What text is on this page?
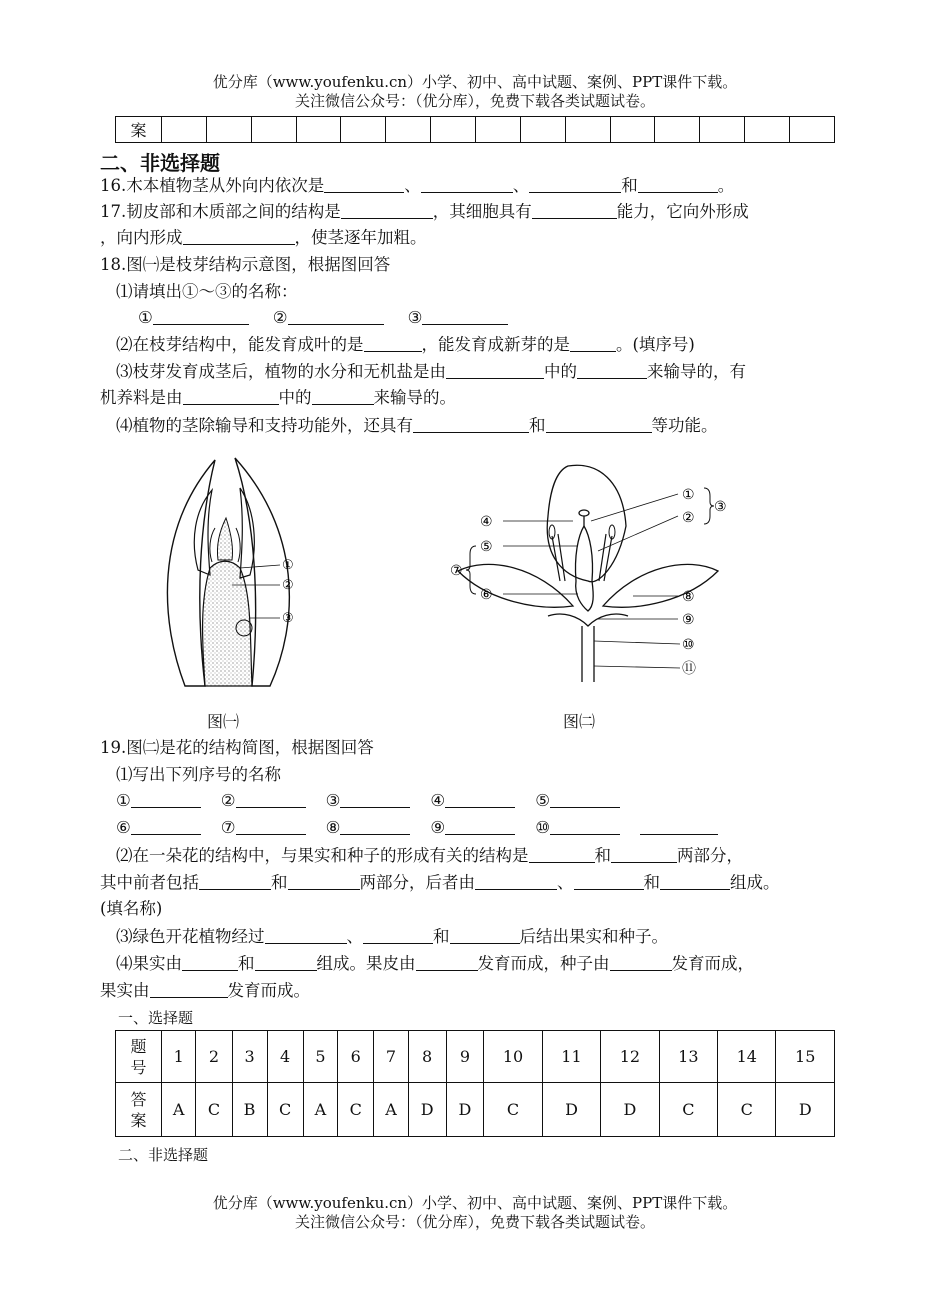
优分库（www.youfenku.cn）小学、初中、高中试题、案例、PPT课件下载。
关注微信公众号：（优分库），免费下载各类试题试卷。
案															
二、非选择题
16.木本植物茎从外向内依次是	、	、	和	。
17.韧皮部和木质部之间的结构是	，其细胞具有	能力，它向外形成
，向内形成	，使茎逐年加粗。
18.图㈠是枝芽结构示意图，根据图回答
⑴请填出①～③的名称：
①	②	③
⑵在枝芽结构中，能发育成叶的是	，能发育成新芽的是	。(填序号)
⑶枝芽发育成茎后，植物的水分和无机盐是由	中的	来输导的，有
机养料是由	中的	来输导的。
⑷植物的茎除输导和支持功能外，还具有	和	等功能。
①
②
③
图㈠
①
②
③
④
⑤
⑥
⑦
⑧
⑨
⑩
⑪
图㈡
19.图㈡是花的结构简图，根据图回答
⑴写出下列序号的名称
①	②	③	④	⑤
⑥	⑦	⑧	⑨	⑩
⑵在一朵花的结构中，与果实和种子的形成有关的结构是	和	两部分，
其中前者包括	和	两部分，后者由	、	和	组成。
(填名称)
⑶绿色开花植物经过	、	和	后结出果实和种子。
⑷果实由	和	组成。果皮由	发育而成，种子由	发育而成，
果实由	发育而成。
一、选择题
题
号	1	2	3	4	5	6	7	8	9	10	11	12	13	14	15
答
案	A	C	B	C	A	C	A	D	D	C	D	D	C	C	D
二、非选择题
优分库（www.youfenku.cn）小学、初中、高中试题、案例、PPT课件下载。
关注微信公众号：（优分库），免费下载各类试题试卷。
